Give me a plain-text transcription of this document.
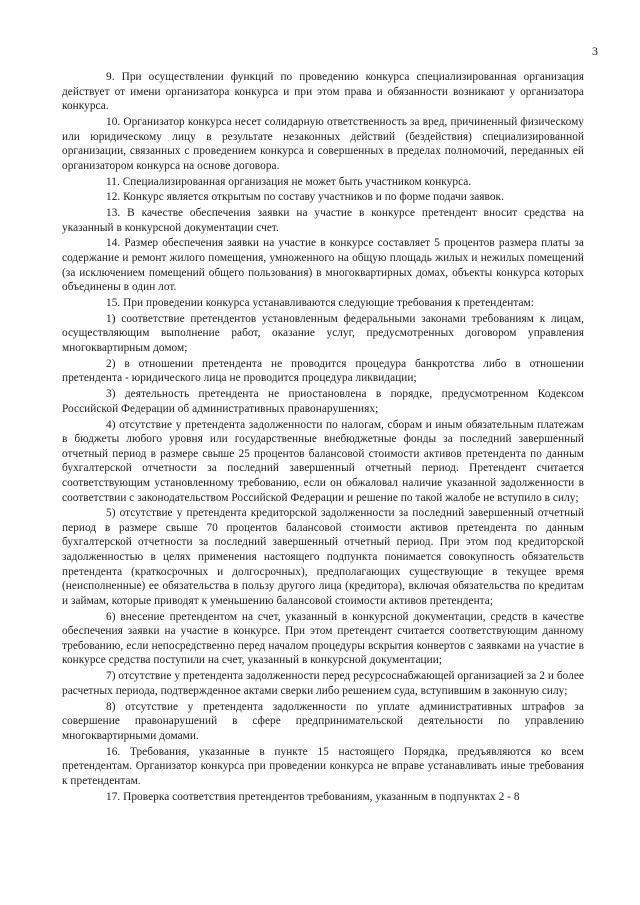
3

9. При осуществлении функций по проведению конкурса специализированная организация действует от имени организатора конкурса и при этом права и обязанности возникают у организатора конкурса.

10. Организатор конкурса несет солидарную ответственность за вред, причиненный физическому или юридическому лицу в результате незаконных действий (бездействия) специализированной организации, связанных с проведением конкурса и совершенных в пределах полномочий, переданных ей организатором конкурса на основе договора.

11. Специализированная организация не может быть участником конкурса.

12. Конкурс является открытым по составу участников и по форме подачи заявок.

13. В качестве обеспечения заявки на участие в конкурсе претендент вносит средства на указанный в конкурсной документации счет.

14. Размер обеспечения заявки на участие в конкурсе составляет 5 процентов размера платы за содержание и ремонт жилого помещения, умноженного на общую площадь жилых и нежилых помещений (за исключением помещений общего пользования) в многоквартирных домах, объекты конкурса которых объединены в один лот.

15. При проведении конкурса устанавливаются следующие требования к претендентам:

1) соответствие претендентов установленным федеральными законами требованиям к лицам, осуществляющим выполнение работ, оказание услуг, предусмотренных договором управления многоквартирным домом;

2) в отношении претендента не проводится процедура банкротства либо в отношении претендента - юридического лица не проводится процедура ликвидации;

3) деятельность претендента не приостановлена в порядке, предусмотренном Кодексом Российской Федерации об административных правонарушениях;

4) отсутствие у претендента задолженности по налогам, сборам и иным обязательным платежам в бюджеты любого уровня или государственные внебюджетные фонды за последний завершенный отчетный период в размере свыше 25 процентов балансовой стоимости активов претендента по данным бухгалтерской отчетности за последний завершенный отчетный период. Претендент считается соответствующим установленному требованию, если он обжаловал наличие указанной задолженности в соответствии с законодательством Российской Федерации и решение по такой жалобе не вступило в силу;

5) отсутствие у претендента кредиторской задолженности за последний завершенный отчетный период в размере свыше 70 процентов балансовой стоимости активов претендента по данным бухгалтерской отчетности за последний завершенный отчетный период. При этом под кредиторской задолженностью в целях применения настоящего подпункта понимается совокупность обязательств претендента (краткосрочных и долгосрочных), предполагающих существующие в текущее время (неисполненные) ее обязательства в пользу другого лица (кредитора), включая обязательства по кредитам и займам, которые приводят к уменьшению балансовой стоимости активов претендента;

6) внесение претендентом на счет, указанный в конкурсной документации, средств в качестве обеспечения заявки на участие в конкурсе. При этом претендент считается соответствующим данному требованию, если непосредственно перед началом процедуры вскрытия конвертов с заявками на участие в конкурсе средства поступили на счет, указанный в конкурсной документации;

7) отсутствие у претендента задолженности перед ресурсоснабжающей организацией за 2 и более расчетных периода, подтвержденное актами сверки либо решением суда, вступившим в законную силу;

8) отсутствие у претендента задолженности по уплате административных штрафов за совершение правонарушений в сфере предпринимательской деятельности по управлению многоквартирными домами.

16. Требования, указанные в пункте 15 настоящего Порядка, предъявляются ко всем претендентам. Организатор конкурса при проведении конкурса не вправе устанавливать иные требования к претендентам.

17. Проверка соответствия претендентов требованиям, указанным в подпунктах 2 - 8
